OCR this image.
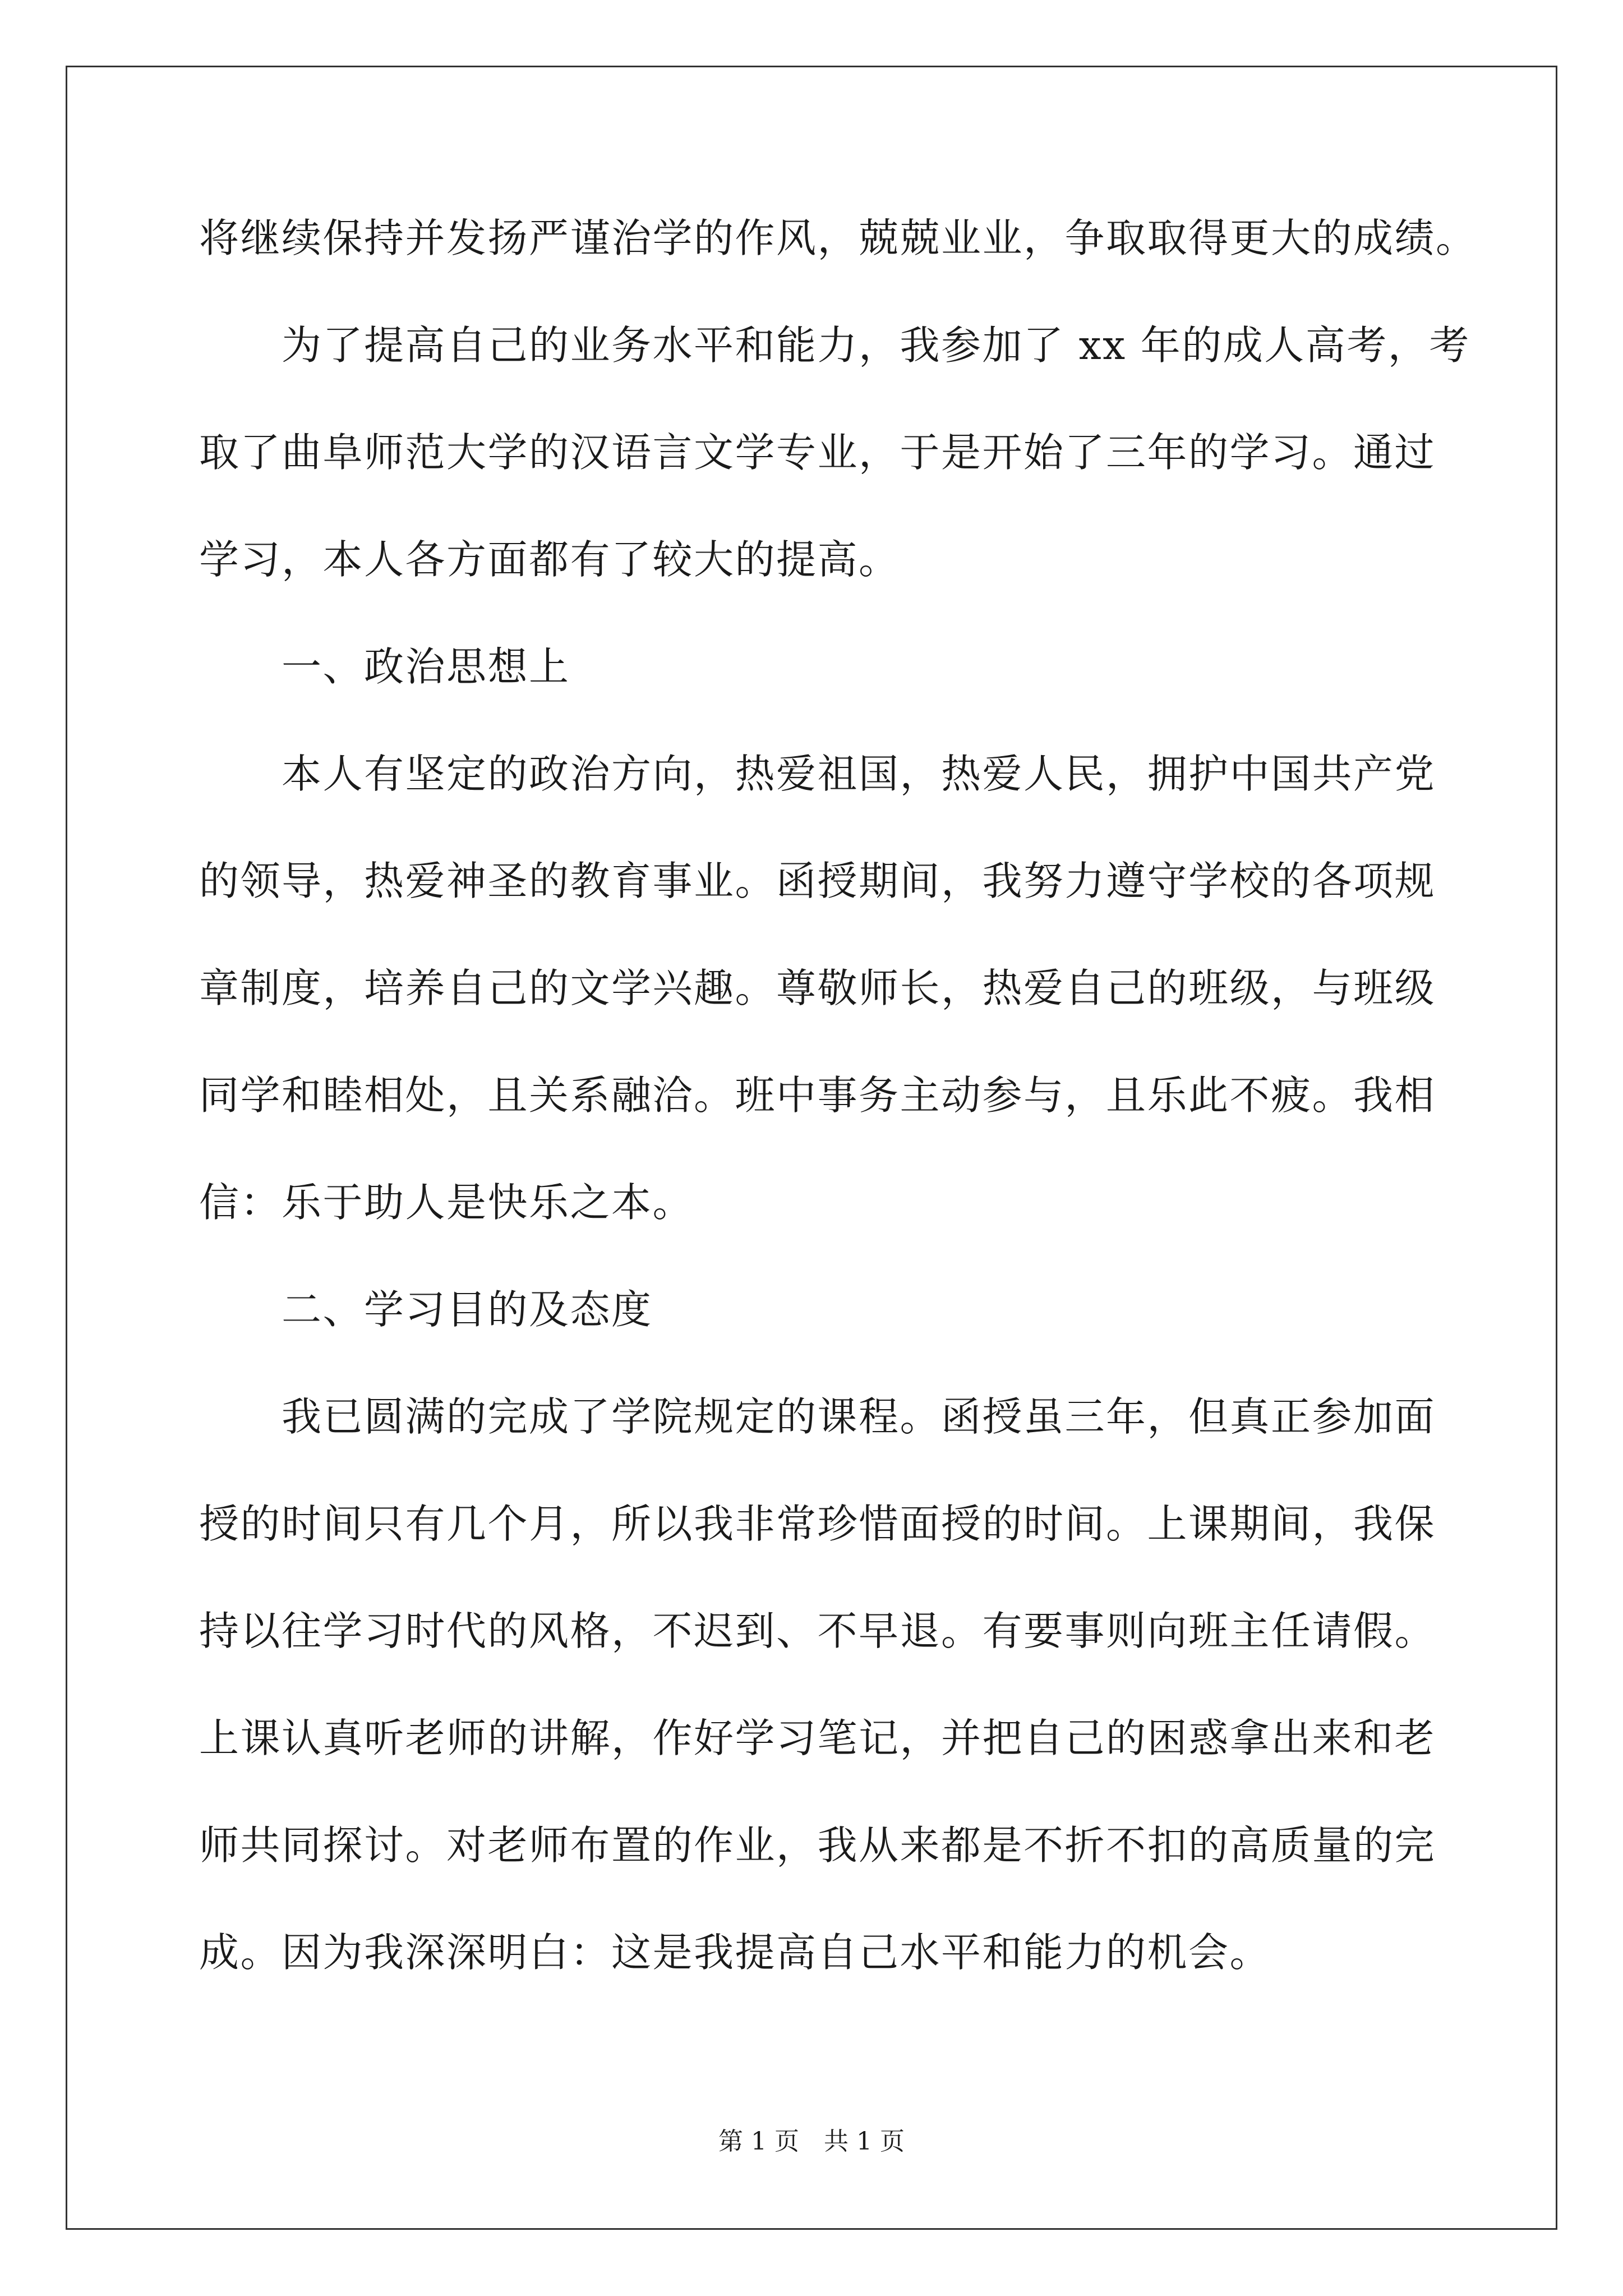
将继续保持并发扬严谨治学的作风，兢兢业业，争取取得更大的成绩。
　　为了提高自己的业务水平和能力，我参加了 xx 年的成人高考，考
取了曲阜师范大学的汉语言文学专业，于是开始了三年的学习。通过
学习，本人各方面都有了较大的提高。
　　一、政治思想上
　　本人有坚定的政治方向，热爱祖国，热爱人民，拥护中国共产党
的领导，热爱神圣的教育事业。函授期间，我努力遵守学校的各项规
章制度，培养自己的文学兴趣。尊敬师长，热爱自己的班级，与班级
同学和睦相处，且关系融洽。班中事务主动参与，且乐此不疲。我相
信：乐于助人是快乐之本。
　　二、学习目的及态度
　　我已圆满的完成了学院规定的课程。函授虽三年，但真正参加面
授的时间只有几个月，所以我非常珍惜面授的时间。上课期间，我保
持以往学习时代的风格，不迟到、不早退。有要事则向班主任请假。
上课认真听老师的讲解，作好学习笔记，并把自己的困惑拿出来和老
师共同探讨。对老师布置的作业，我从来都是不折不扣的高质量的完
成。因为我深深明白：这是我提高自己水平和能力的机会。
第 1 页 共 1 页
